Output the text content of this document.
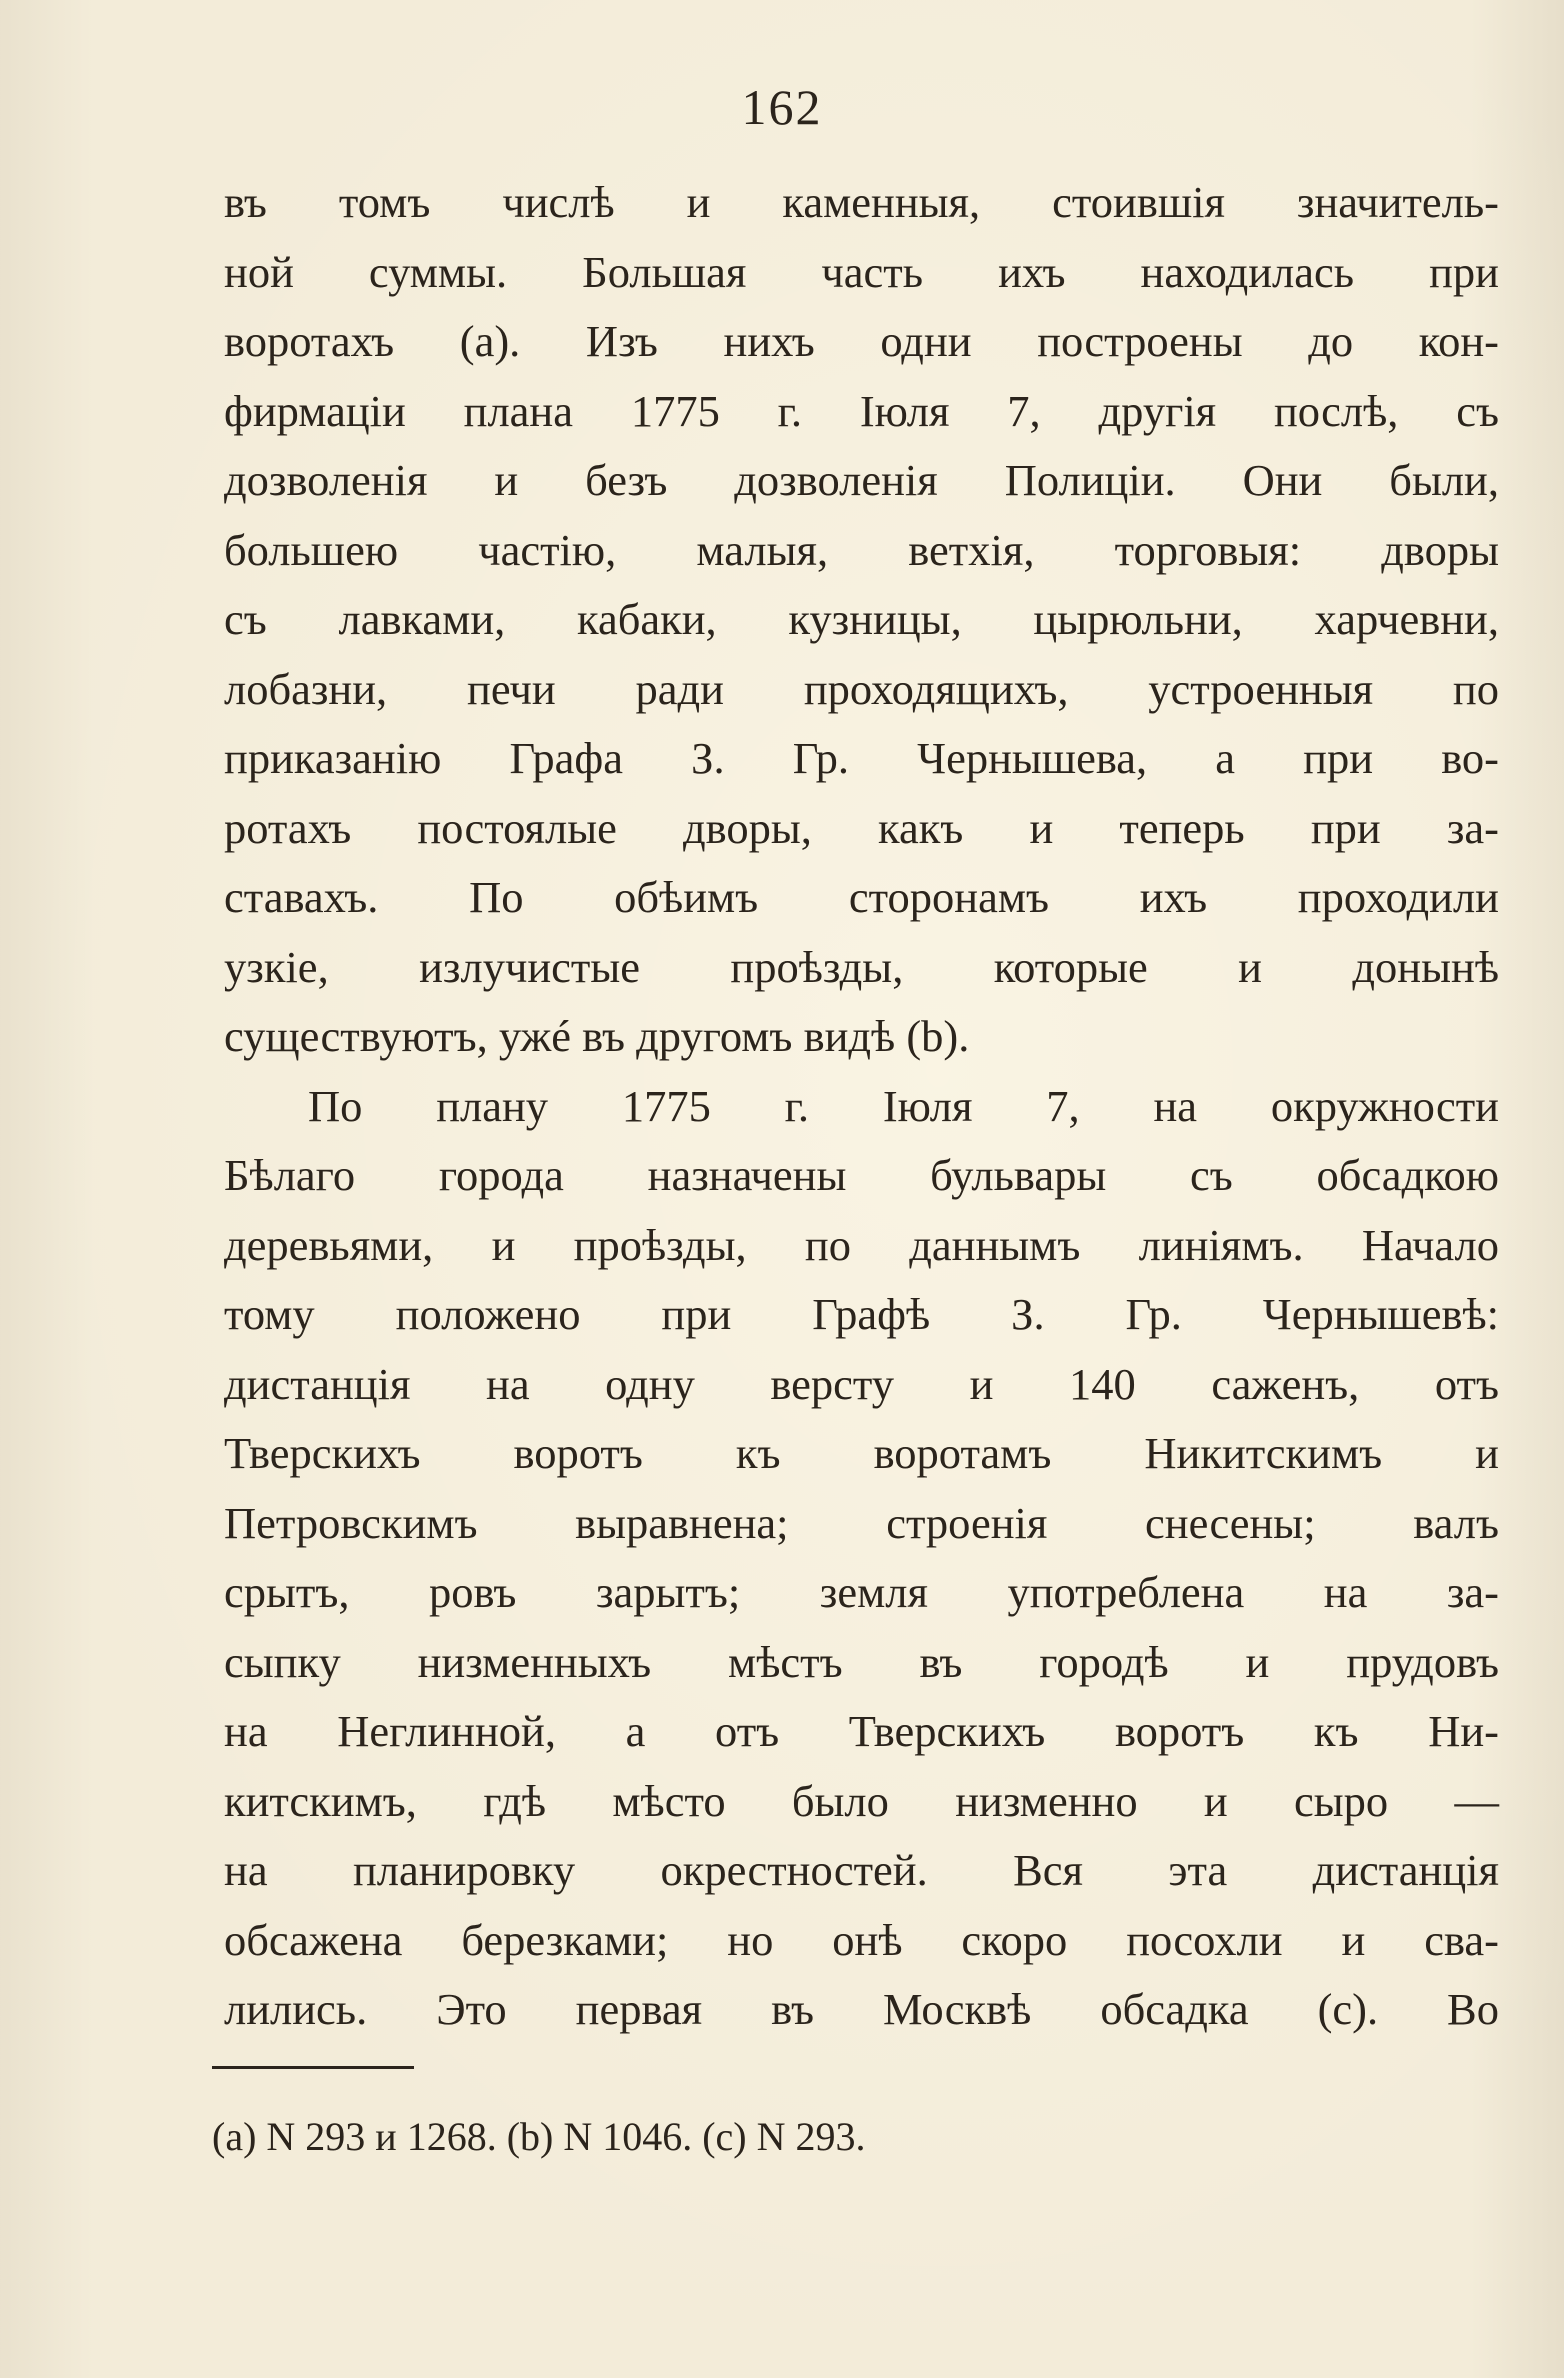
162
въ томъ числѣ и каменныя, стоившія значитель-
ной суммы. Большая часть ихъ находилась при
воротахъ (a). Изъ нихъ одни построены до кон-
фирмаціи плана 1775 г. Іюля 7, другія послѣ, съ
дозволенія и безъ дозволенія Полиціи. Они были,
большею частію, малыя, ветхія, торговыя: дворы
съ лавками, кабаки, кузницы, цырюльни, харчевни,
лобазни, печи ради проходящихъ, устроенныя по
приказанію Графа З. Гр. Чернышева, а при во-
ротахъ постоялые дворы, какъ и теперь при за-
ставахъ. По обѣимъ сторонамъ ихъ проходили
узкіе, излучистые проѣзды, которые и донынѣ
существуютъ, ужé въ другомъ видѣ (b).
По плану 1775 г. Іюля 7, на окружности
Бѣлаго города назначены бульвары съ обсадкою
деревьями, и проѣзды, по даннымъ линіямъ. Начало
тому положено при Графѣ З. Гр. Чернышевѣ:
дистанція на одну версту и 140 саженъ, отъ
Тверскихъ воротъ къ воротамъ Никитскимъ и
Петровскимъ выравнена; строенія снесены; валъ
срытъ, ровъ зарытъ; земля употреблена на за-
сыпку низменныхъ мѣстъ въ городѣ и прудовъ
на Неглинной, а отъ Тверскихъ воротъ къ Ни-
китскимъ, гдѣ мѣсто было низменно и сыро —
на планировку окрестностей. Вся эта дистанція
обсажена березками; но онѣ скоро посохли и сва-
лились. Это первая въ Москвѣ обсадка (c). Во
(a) N 293 и 1268. (b) N 1046. (c) N 293.
